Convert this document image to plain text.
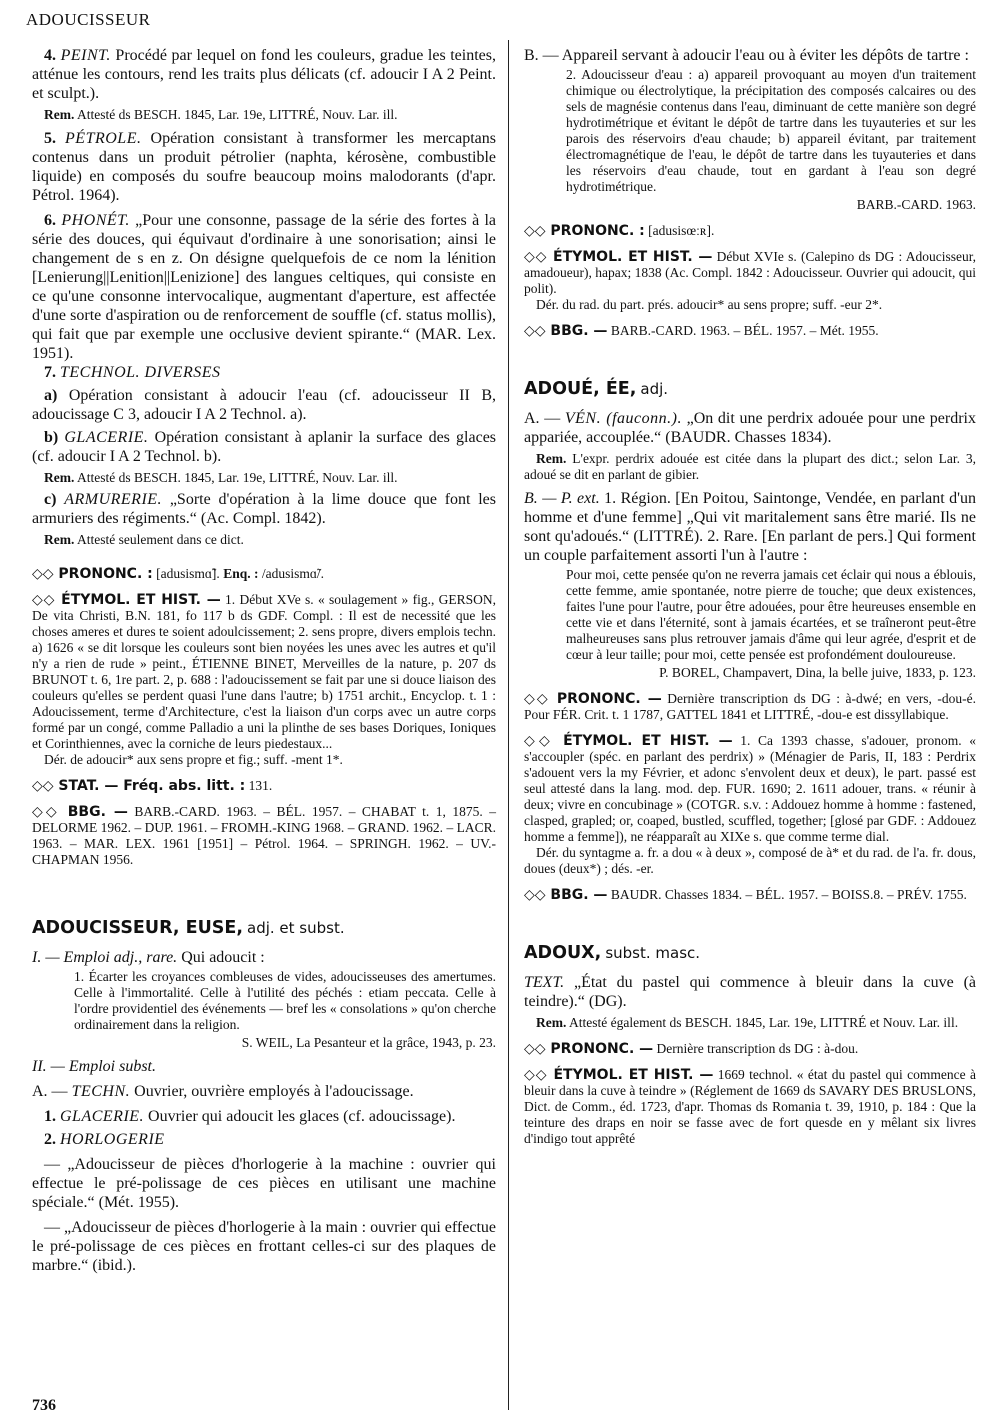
ADOUCISSEUR

4. PEINT. Procédé par lequel on fond les couleurs, gradue les teintes, atténue les contours, rend les traits plus délicats (cf. adoucir I A 2 Peint. et sculpt.).

Rem. Attesté ds BESCH. 1845, Lar. 19e, LITTRÉ, Nouv. Lar. ill.

5. PÉTROLE. Opération consistant à transformer les mercaptans contenus dans un produit pétrolier (naphta, kérosène, combustible liquide) en composés du soufre beaucoup moins malodorants (d'apr. Pétrol. 1964).

6. PHONÉT. „Pour une consonne, passage de la série des fortes à la série des douces, qui équivaut d'ordinaire à une sonorisation; ainsi le changement de s en z. On désigne quelquefois de ce nom la lénition [Lenierung||Lenition||Lenizione] des langues celtiques, qui consiste en ce qu'une consonne intervocalique, augmentant d'aperture, est affectée d'une sorte d'aspiration ou de renforcement de souffle (cf. status mollis), qui fait que par exemple une occlusive devient spirante.“ (MAR. Lex. 1951).

7. TECHNOL. DIVERSES

a) Opération consistant à adoucir l'eau (cf. adoucisseur II B, adoucissage C 3, adoucir I A 2 Technol. a).

b) GLACERIE. Opération consistant à aplanir la surface des glaces (cf. adoucir I A 2 Technol. b).

Rem. Attesté ds BESCH. 1845, Lar. 19e, LITTRÉ, Nouv. Lar. ill.

c) ARMURERIE. „Sorte d'opération à la lime douce que font les armuriers des régiments.“ (Ac. Compl. 1842).

Rem. Attesté seulement dans ce dict.

◇◇ PRONONC. : [adusismɑ̃]. Enq. : /adusismɑ̃/.

◇◇ ÉTYMOL. ET HIST. — 1. Début XVe s. « soulagement » fig., GERSON, De vita Christi, B.N. 181, fo 117 b ds GDF. Compl. : Il est de necessité que les choses ameres et dures te soient adoulcissement; 2. sens propre, divers emplois techn. a) 1626 « se dit lorsque les couleurs sont bien noyées les unes avec les autres et qu'il n'y a rien de rude » peint., ÉTIENNE BINET, Merveilles de la nature, p. 207 ds BRUNOT t. 6, 1re part. 2, p. 688 : l'adoucissement se fait par une si douce liaison des couleurs qu'elles se perdent quasi l'une dans l'autre; b) 1751 archit., Encyclop. t. 1 : Adoucissement, terme d'Architecture, c'est la liaison d'un corps avec un autre corps formé par un congé, comme Palladio a uni la plinthe de ses bases Doriques, Ioniques et Corinthiennes, avec la corniche de leurs piedestaux...

Dér. de adoucir* aux sens propre et fig.; suff. -ment 1*.

◇◇ STAT. — Fréq. abs. litt. : 131.

◇◇ BBG. — BARB.-CARD. 1963. – BÉL. 1957. – CHABAT t. 1, 1875. – DELORME 1962. – DUP. 1961. – FROMH.-KING 1968. – GRAND. 1962. – LACR. 1963. – MAR. LEX. 1961 [1951] – Pétrol. 1964. – SPRINGH. 1962. – UV.-CHAPMAN 1956.

ADOUCISSEUR, EUSE, adj. et subst.

I. — Emploi adj., rare. Qui adoucit :

1. Écarter les croyances combleuses de vides, adoucisseuses des amertumes. Celle à l'immortalité. Celle à l'utilité des péchés : etiam peccata. Celle à l'ordre providentiel des événements — bref les « consolations » qu'on cherche ordinairement dans la religion.

S. WEIL, La Pesanteur et la grâce, 1943, p. 23.

II. — Emploi subst.

A. — TECHN. Ouvrier, ouvrière employés à l'adoucissage.

1. GLACERIE. Ouvrier qui adoucit les glaces (cf. adoucissage).

2. HORLOGERIE

— „Adoucisseur de pièces d'horlogerie à la machine : ouvrier qui effectue le pré-polissage de ces pièces en utilisant une machine spéciale.“ (Mét. 1955).

— „Adoucisseur de pièces d'horlogerie à la main : ouvrier qui effectue le pré-polissage de ces pièces en frottant celles-ci sur des plaques de marbre.“ (ibid.).

B. — Appareil servant à adoucir l'eau ou à éviter les dépôts de tartre :

2. Adoucisseur d'eau : a) appareil provoquant au moyen d'un traitement chimique ou électrolytique, la précipitation des composés calcaires ou des sels de magnésie contenus dans l'eau, diminuant de cette manière son degré hydrotimétrique et évitant le dépôt de tartre dans les tuyauteries et sur les parois des réservoirs d'eau chaude; b) appareil évitant, par traitement électromagnétique de l'eau, le dépôt de tartre dans les tuyauteries et dans les réservoirs d'eau chaude, tout en gardant à l'eau son degré hydrotimétrique.

BARB.-CARD. 1963.

◇◇ PRONONC. : [adusisœːʀ].

◇◇ ÉTYMOL. ET HIST. — Début XVIe s. (Calepino ds DG : Adoucisseur, amadoueur), hapax; 1838 (Ac. Compl. 1842 : Adoucisseur. Ouvrier qui adoucit, qui polit).

Dér. du rad. du part. prés. adoucir* au sens propre; suff. -eur 2*.

◇◇ BBG. — BARB.-CARD. 1963. – BÉL. 1957. – Mét. 1955.

ADOUÉ, ÉE, adj.

A. — VÉN. (fauconn.). „On dit une perdrix adouée pour une perdrix appariée, accouplée.“ (BAUDR. Chasses 1834).

Rem. L'expr. perdrix adouée est citée dans la plupart des dict.; selon Lar. 3, adoué se dit en parlant de gibier.

B. — P. ext. 1. Région. [En Poitou, Saintonge, Vendée, en parlant d'un homme et d'une femme] „Qui vit maritalement sans être marié. Ils ne sont qu'adoués.“ (LITTRÉ). 2. Rare. [En parlant de pers.] Qui forment un couple parfaitement assorti l'un à l'autre :

Pour moi, cette pensée qu'on ne reverra jamais cet éclair qui nous a éblouis, cette femme, amie spontanée, notre pierre de touche; que deux existences, faites l'une pour l'autre, pour être adouées, pour être heureuses ensemble en cette vie et dans l'éternité, sont à jamais écartées, et se traîneront peut-être malheureuses sans plus retrouver jamais d'âme qui leur agrée, d'esprit et de cœur à leur taille; pour moi, cette pensée est profondément douloureuse.

P. BOREL, Champavert, Dina, la belle juive, 1833, p. 123.

◇◇ PRONONC. — Dernière transcription ds DG : à-dwé; en vers, -dou-é. Pour FÉR. Crit. t. 1 1787, GATTEL 1841 et LITTRÉ, -dou-e est dissyllabique.

◇◇ ÉTYMOL. ET HIST. — 1. Ca 1393 chasse, s'adouer, pronom. « s'accoupler (spéc. en parlant des perdrix) » (Ménagier de Paris, II, 183 : Perdrix s'adouent vers la my Février, et adonc s'envolent deux et deux), le part. passé est seul attesté dans la lang. mod. dep. FUR. 1690; 2. 1611 adouer, trans. « réunir à deux; vivre en concubinage » (COTGR. s.v. : Addouez homme à homme : fastened, clasped, grapled; or, coaped, bustled, scuffled, together; [glosé par GDF. : Addouez homme a femme]), ne réapparaît au XIXe s. que comme terme dial.

Dér. du syntagme a. fr. a dou « à deux », composé de à* et du rad. de l'a. fr. dous, doues (deux*) ; dés. -er.

◇◇ BBG. — BAUDR. Chasses 1834. – BÉL. 1957. – BOISS.8. – PRÉV. 1755.

ADOUX, subst. masc.

TEXT. „État du pastel qui commence à bleuir dans la cuve (à teindre).“ (DG).

Rem. Attesté également ds BESCH. 1845, Lar. 19e, LITTRÉ et Nouv. Lar. ill.

◇◇ PRONONC. — Dernière transcription ds DG : à-dou.

◇◇ ÉTYMOL. ET HIST. — 1669 technol. « état du pastel qui commence à bleuir dans la cuve à teindre » (Réglement de 1669 ds SAVARY DES BRUSLONS, Dict. de Comm., éd. 1723, d'apr. Thomas ds Romania t. 39, 1910, p. 184 : Que la teinture des draps en noir se fasse avec de fort quesde en y mêlant six livres d'indigo tout apprêté

736
